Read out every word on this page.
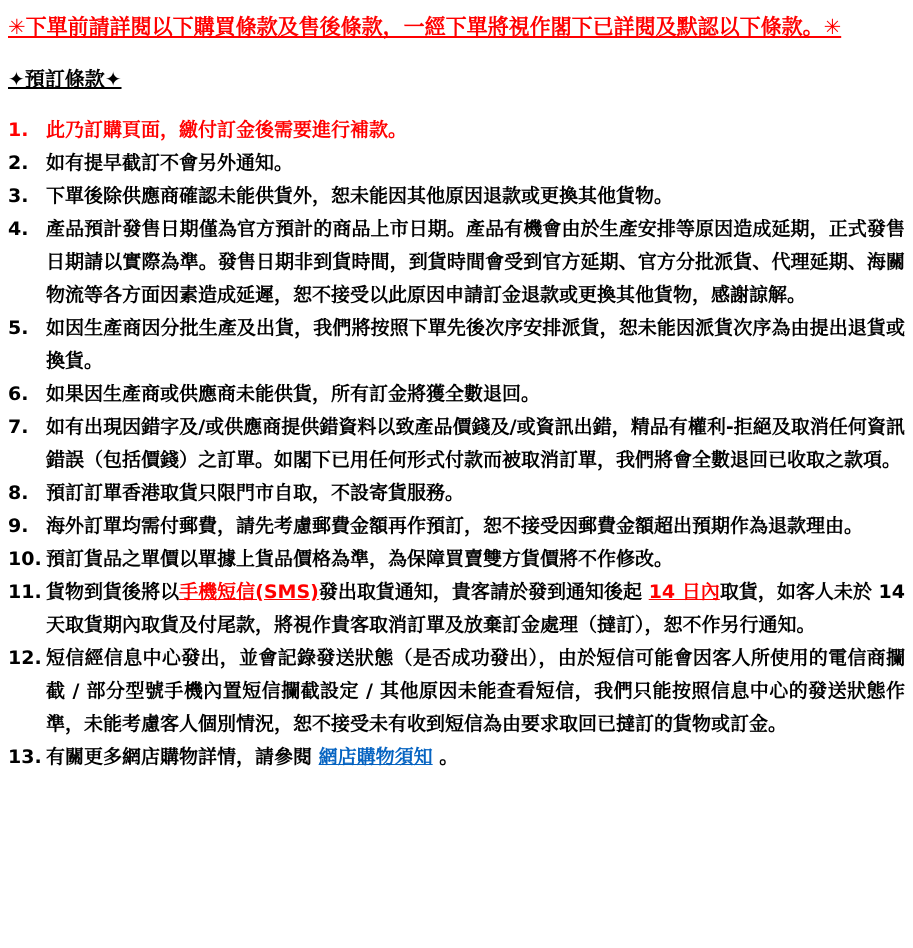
✳下單前請詳閱以下購買條款及售後條款，一經下單將視作閣下已詳閱及默認以下條款。✳
✦預訂條款✦
1. 此乃訂購頁面，繳付訂金後需要進行補款。
2. 如有提早截訂不會另外通知。
3. 下單後除供應商確認未能供貨外，恕未能因其他原因退款或更換其他貨物。
4. 產品預計發售日期僅為官方預計的商品上市日期。產品有機會由於生產安排等原因造成延期，正式發售日期請以實際為準。發售日期非到貨時間，到貨時間會受到官方延期、官方分批派貨、代理延期、海關物流等各方面因素造成延遲，恕不接受以此原因申請訂金退款或更換其他貨物，感謝諒解。
5. 如因生產商因分批生產及出貨，我們將按照下單先後次序安排派貨，恕未能因派貨次序為由提出退貨或換貨。
6. 如果因生產商或供應商未能供貨，所有訂金將獲全數退回。
7. 如有出現因錯字及/或供應商提供錯資料以致產品價錢及/或資訊出錯，精品有權利-拒絕及取消任何資訊錯誤（包括價錢）之訂單。如閣下已用任何形式付款而被取消訂單，我們將會全數退回已收取之款項。
8. 預訂訂單香港取貨只限門市自取，不設寄貨服務。
9. 海外訂單均需付郵費，請先考慮郵費金額再作預訂，恕不接受因郵費金額超出預期作為退款理由。
10. 預訂貨品之單價以單據上貨品價格為準，為保障買賣雙方貨價將不作修改。
11. 貨物到貨後將以手機短信(SMS)發出取貨通知，貴客請於發到通知後起 14 日內取貨，如客人未於 14 天取貨期內取貨及付尾款，將視作貴客取消訂單及放棄訂金處理（撻訂），恕不作另行通知。
12. 短信經信息中心發出，並會記錄發送狀態（是否成功發出），由於短信可能會因客人所使用的電信商攔截 / 部分型號手機內置短信攔截設定 / 其他原因未能查看短信，我們只能按照信息中心的發送狀態作準，未能考慮客人個別情況，恕不接受未有收到短信為由要求取回已撻訂的貨物或訂金。
13. 有關更多網店購物詳情，請參閱 網店購物須知 。
